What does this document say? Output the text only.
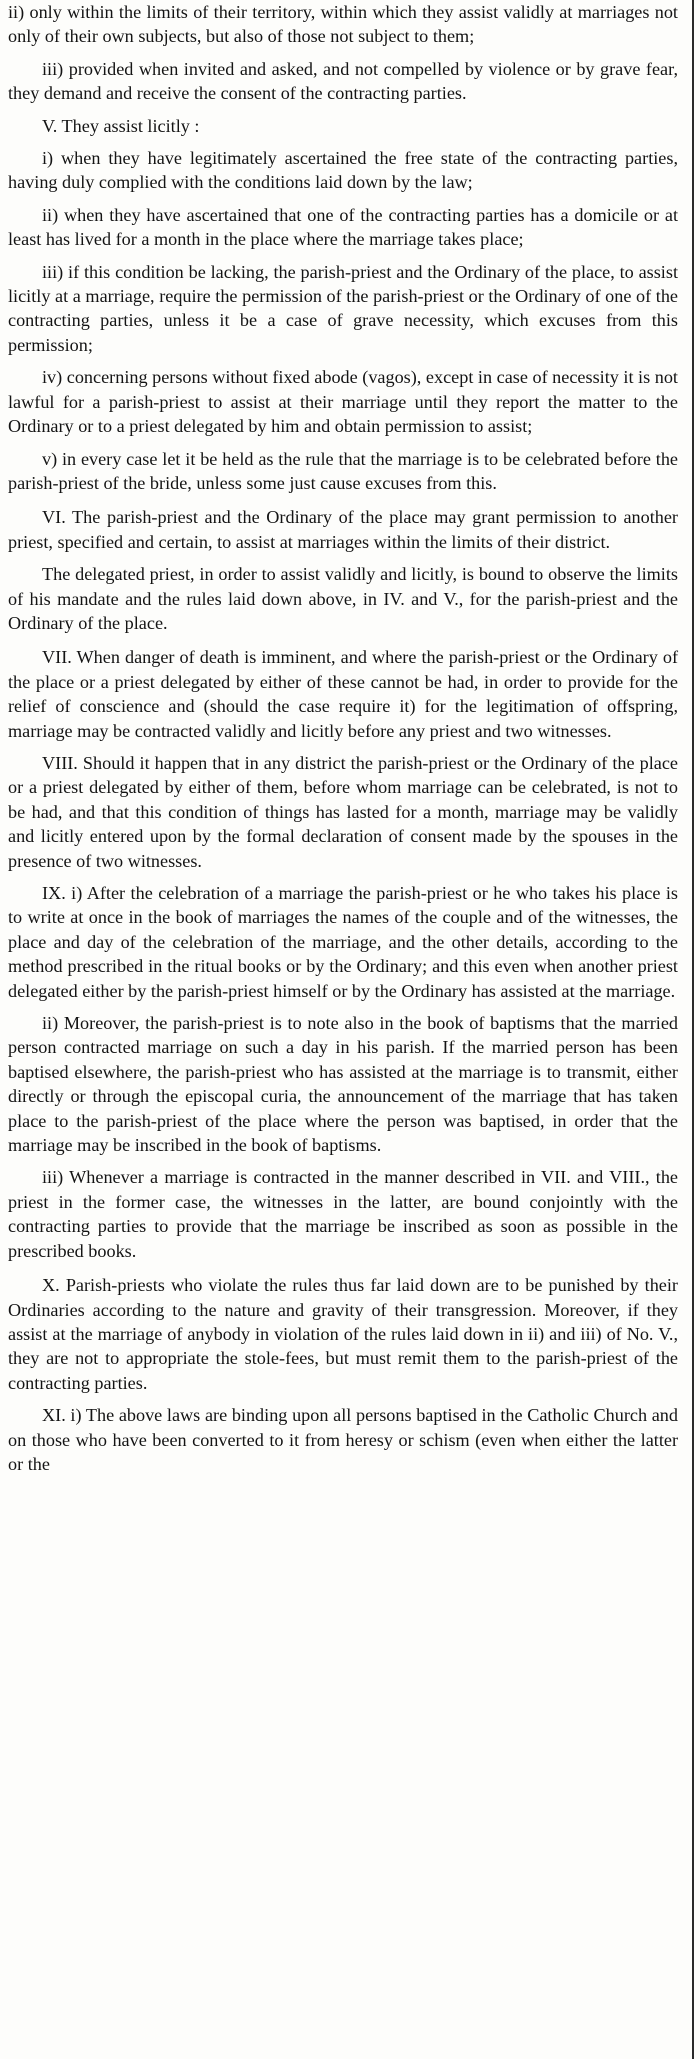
ii) only within the limits of their territory, within which they assist validly at marriages not only of their own subjects, but also of those not subject to them;

iii) provided when invited and asked, and not compelled by violence or by grave fear, they demand and receive the consent of the contracting parties.

V. They assist licitly :

i) when they have legitimately ascertained the free state of the contracting parties, having duly complied with the conditions laid down by the law;

ii) when they have ascertained that one of the contracting parties has a domicile or at least has lived for a month in the place where the marriage takes place;

iii) if this condition be lacking, the parish-priest and the Ordinary of the place, to assist licitly at a marriage, require the permission of the parish-priest or the Ordinary of one of the contracting parties, unless it be a case of grave necessity, which excuses from this permission;

iv) concerning persons without fixed abode (vagos), except in case of necessity it is not lawful for a parish-priest to assist at their marriage until they report the matter to the Ordinary or to a priest delegated by him and obtain permission to assist;

v) in every case let it be held as the rule that the marriage is to be celebrated before the parish-priest of the bride, unless some just cause excuses from this.

VI. The parish-priest and the Ordinary of the place may grant permission to another priest, specified and certain, to assist at marriages within the limits of their district.

The delegated priest, in order to assist validly and licitly, is bound to observe the limits of his mandate and the rules laid down above, in IV. and V., for the parish-priest and the Ordinary of the place.

VII. When danger of death is imminent, and where the parish-priest or the Ordinary of the place or a priest delegated by either of these cannot be had, in order to provide for the relief of conscience and (should the case require it) for the legitimation of offspring, marriage may be contracted validly and licitly before any priest and two witnesses.

VIII. Should it happen that in any district the parish-priest or the Ordinary of the place or a priest delegated by either of them, before whom marriage can be celebrated, is not to be had, and that this condition of things has lasted for a month, marriage may be validly and licitly entered upon by the formal declaration of consent made by the spouses in the presence of two witnesses.

IX. i) After the celebration of a marriage the parish-priest or he who takes his place is to write at once in the book of marriages the names of the couple and of the witnesses, the place and day of the celebration of the marriage, and the other details, according to the method prescribed in the ritual books or by the Ordinary; and this even when another priest delegated either by the parish-priest himself or by the Ordinary has assisted at the marriage.

ii) Moreover, the parish-priest is to note also in the book of baptisms that the married person contracted marriage on such a day in his parish. If the married person has been baptised elsewhere, the parish-priest who has assisted at the marriage is to transmit, either directly or through the episcopal curia, the announcement of the marriage that has taken place to the parish-priest of the place where the person was baptised, in order that the marriage may be inscribed in the book of baptisms.

iii) Whenever a marriage is contracted in the manner described in VII. and VIII., the priest in the former case, the witnesses in the latter, are bound conjointly with the contracting parties to provide that the marriage be inscribed as soon as possible in the prescribed books.

X. Parish-priests who violate the rules thus far laid down are to be punished by their Ordinaries according to the nature and gravity of their transgression. Moreover, if they assist at the marriage of anybody in violation of the rules laid down in ii) and iii) of No. V., they are not to appropriate the stole-fees, but must remit them to the parish-priest of the contracting parties.

XI. i) The above laws are binding upon all persons baptised in the Catholic Church and on those who have been converted to it from heresy or schism (even when either the latter or the
